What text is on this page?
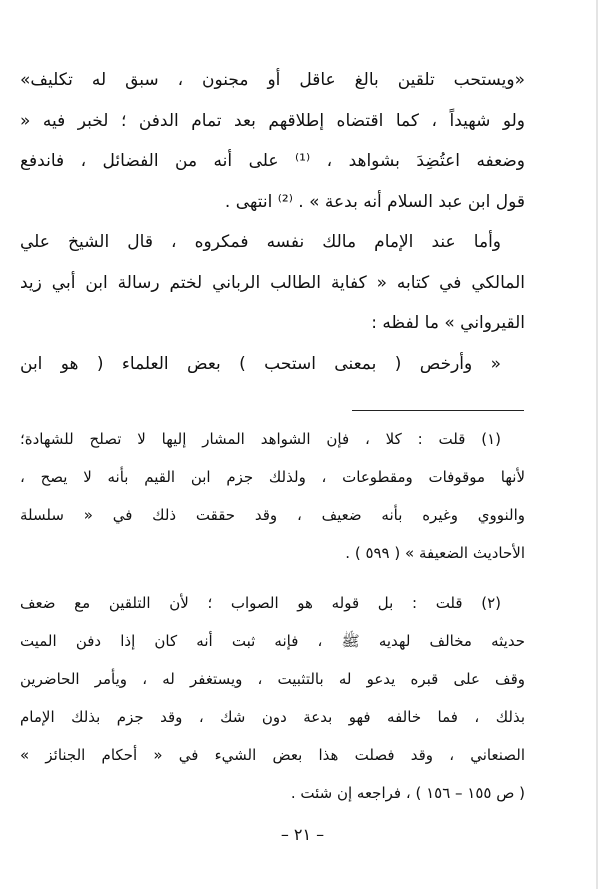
«ويستحب تلقين بالغ عاقل أو مجنون ، سبق له تكليف»
ولو شهيداً ، كما اقتضاه إطلاقهم بعد تمام الدفن ؛ لخبر فيه «
وضعفه اعتُضِدَ بشواهد ، ⁽¹⁾ على أنه من الفضائل ، فاندفع
قول ابن عبد السلام أنه بدعة » . ⁽²⁾ انتهى .
وأما عند الإمام مالك نفسه فمكروه ، قال الشيخ علي
المالكي في كتابه « كفاية الطالب الرباني لختم رسالة ابن أبي زيد
القيرواني » ما لفظه :
« وأرخص ( بمعنى استحب ) بعض العلماء ( هو ابن
(١) قلت : كلا ، فإن الشواهد المشار إليها لا تصلح للشهادة؛
لأنها موقوفات ومقطوعات ، ولذلك جزم ابن القيم بأنه لا يصح ،
والنووي وغيره بأنه ضعيف ، وقد حققت ذلك في « سلسلة
الأحاديث الضعيفة » ( ٥٩٩ ) .
(٢) قلت : بل قوله هو الصواب ؛ لأن التلقين مع ضعف
حديثه مخالف لهديه ﷺ ، فإنه ثبت أنه كان إذا دفن الميت
وقف على قبره يدعو له بالتثبيت ، ويستغفر له ، ويأمر الحاضرين
بذلك ، فما خالفه فهو بدعة دون شك ، وقد جزم بذلك الإمام
الصنعاني ، وقد فصلت هذا بعض الشيء في « أحكام الجنائز »
( ص ١٥٥ – ١٥٦ ) ، فراجعه إن شئت .
– ٢١ –
